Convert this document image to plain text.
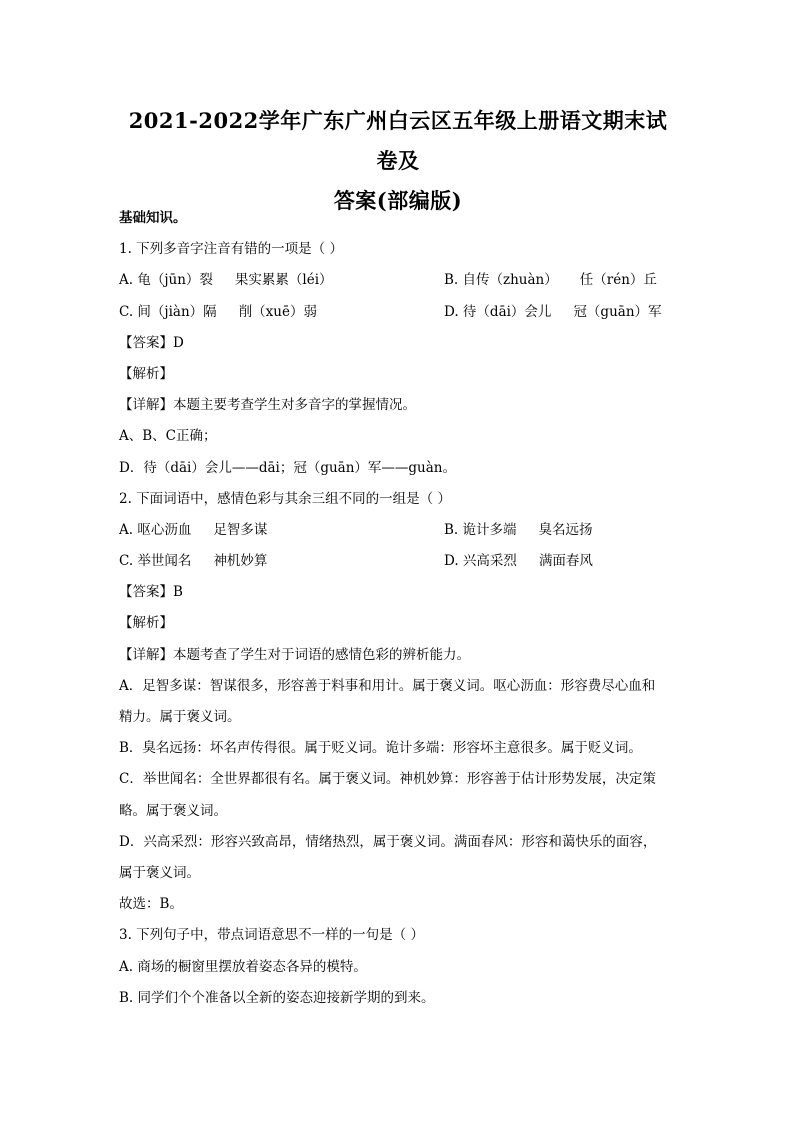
2021-2022学年广东广州白云区五年级上册语文期末试卷及
答案(部编版)
基础知识。
1. 下列多音字注音有错的一项是（ ）
A. 龟（jūn）裂 果实累累（léi）	B. 自传（zhuàn） 任（rén）丘
C. 间（jiàn）隔 削（xuē）弱	D. 待（dāi）会儿 冠（guān）军
【答案】D
【解析】
【详解】本题主要考查学生对多音字的掌握情况。
A、B、C正确；
D．待（dāi）会儿——dāi；冠（guān）军——guàn。
2. 下面词语中，感情色彩与其余三组不同的一组是（ ）
A. 呕心沥血 足智多谋	B. 诡计多端 臭名远扬
C. 举世闻名 神机妙算	D. 兴高采烈 满面春风
【答案】B
【解析】
【详解】本题考查了学生对于词语的感情色彩的辨析能力。
A．足智多谋：智谋很多，形容善于料事和用计。属于褒义词。呕心沥血：形容费尽心血和
精力。属于褒义词。
B．臭名远扬：坏名声传得很。属于贬义词。诡计多端：形容坏主意很多。属于贬义词。
C．举世闻名：全世界都很有名。属于褒义词。神机妙算：形容善于估计形势发展，决定策
略。属于褒义词。
D．兴高采烈：形容兴致高昂，情绪热烈，属于褒义词。满面春风：形容和蔼快乐的面容，
属于褒义词。
故选：B。
3. 下列句子中，带点词语意思不一样的一句是（ ）
A. 商场的橱窗里摆放着姿态各异的模特。
B. 同学们个个准备以全新的姿态迎接新学期的到来。
